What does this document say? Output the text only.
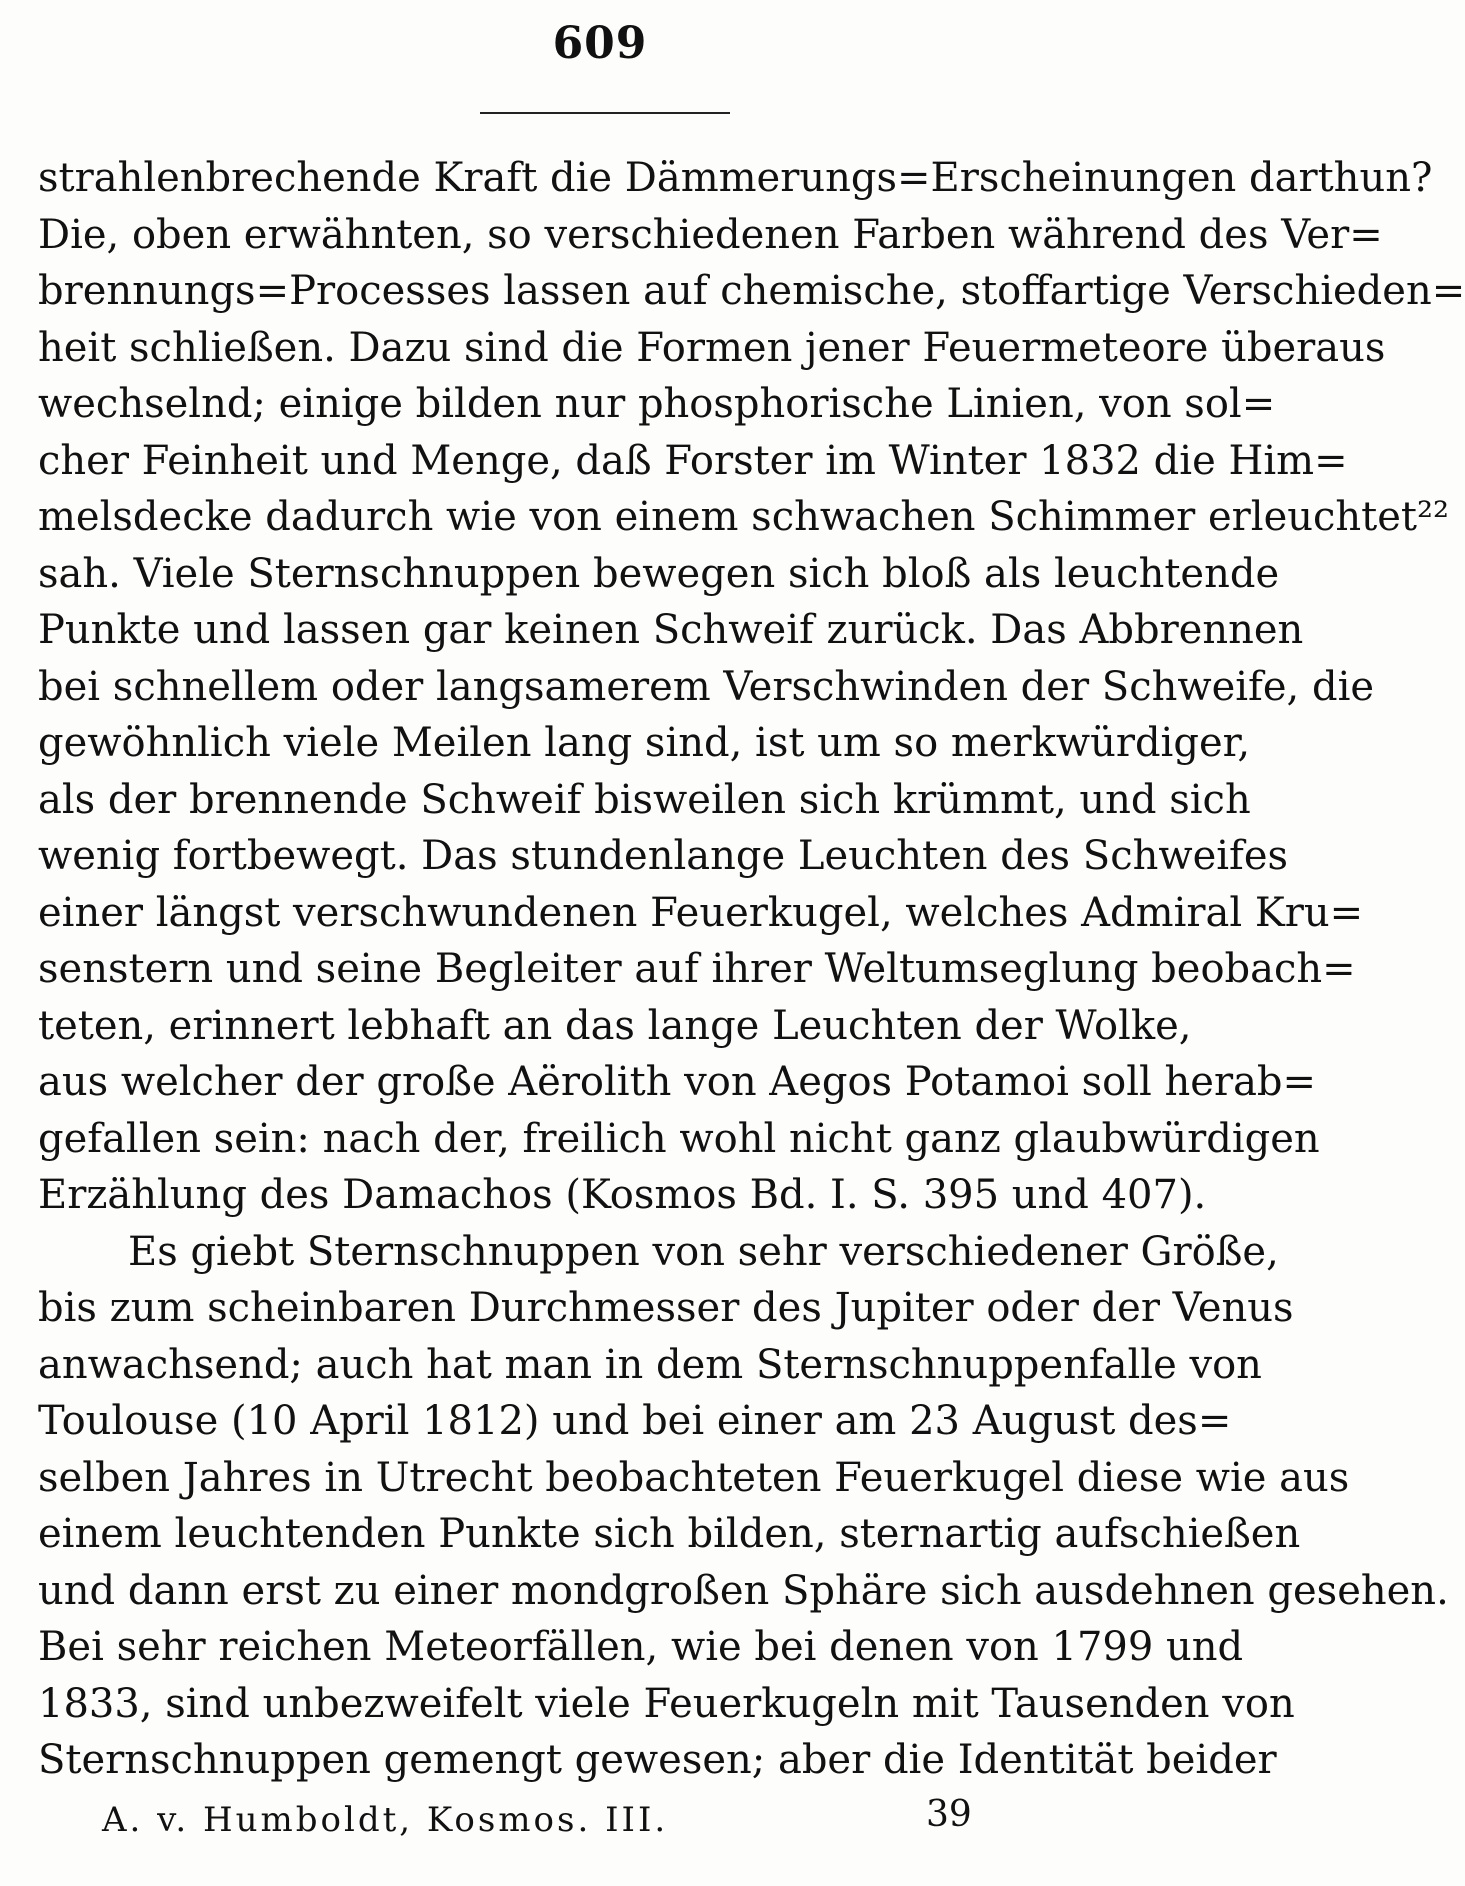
609
strahlenbrechende Kraft die Dämmerungs=Erscheinungen darthun?
Die, oben erwähnten, so verschiedenen Farben während des Ver=
brennungs=Processes lassen auf chemische, stoffartige Verschieden=
heit schließen. Dazu sind die Formen jener Feuermeteore überaus
wechselnd; einige bilden nur phosphorische Linien, von sol=
cher Feinheit und Menge, daß Forster im Winter 1832 die Him=
melsdecke dadurch wie von einem schwachen Schimmer erleuchtet²²
sah. Viele Sternschnuppen bewegen sich bloß als leuchtende
Punkte und lassen gar keinen Schweif zurück. Das Abbrennen
bei schnellem oder langsamerem Verschwinden der Schweife, die
gewöhnlich viele Meilen lang sind, ist um so merkwürdiger,
als der brennende Schweif bisweilen sich krümmt, und sich
wenig fortbewegt. Das stundenlange Leuchten des Schweifes
einer längst verschwundenen Feuerkugel, welches Admiral Kru=
senstern und seine Begleiter auf ihrer Weltumseglung beobach=
teten, erinnert lebhaft an das lange Leuchten der Wolke,
aus welcher der große Aërolith von Aegos Potamoi soll herab=
gefallen sein: nach der, freilich wohl nicht ganz glaubwürdigen
Erzählung des Damachos (Kosmos Bd. I. S. 395 und 407).
Es giebt Sternschnuppen von sehr verschiedener Größe,
bis zum scheinbaren Durchmesser des Jupiter oder der Venus
anwachsend; auch hat man in dem Sternschnuppenfalle von
Toulouse (10 April 1812) und bei einer am 23 August des=
selben Jahres in Utrecht beobachteten Feuerkugel diese wie aus
einem leuchtenden Punkte sich bilden, sternartig aufschießen
und dann erst zu einer mondgroßen Sphäre sich ausdehnen gesehen.
Bei sehr reichen Meteorfällen, wie bei denen von 1799 und
1833, sind unbezweifelt viele Feuerkugeln mit Tausenden von
Sternschnuppen gemengt gewesen; aber die Identität beider
A. v. Humboldt, Kosmos. III.	39
